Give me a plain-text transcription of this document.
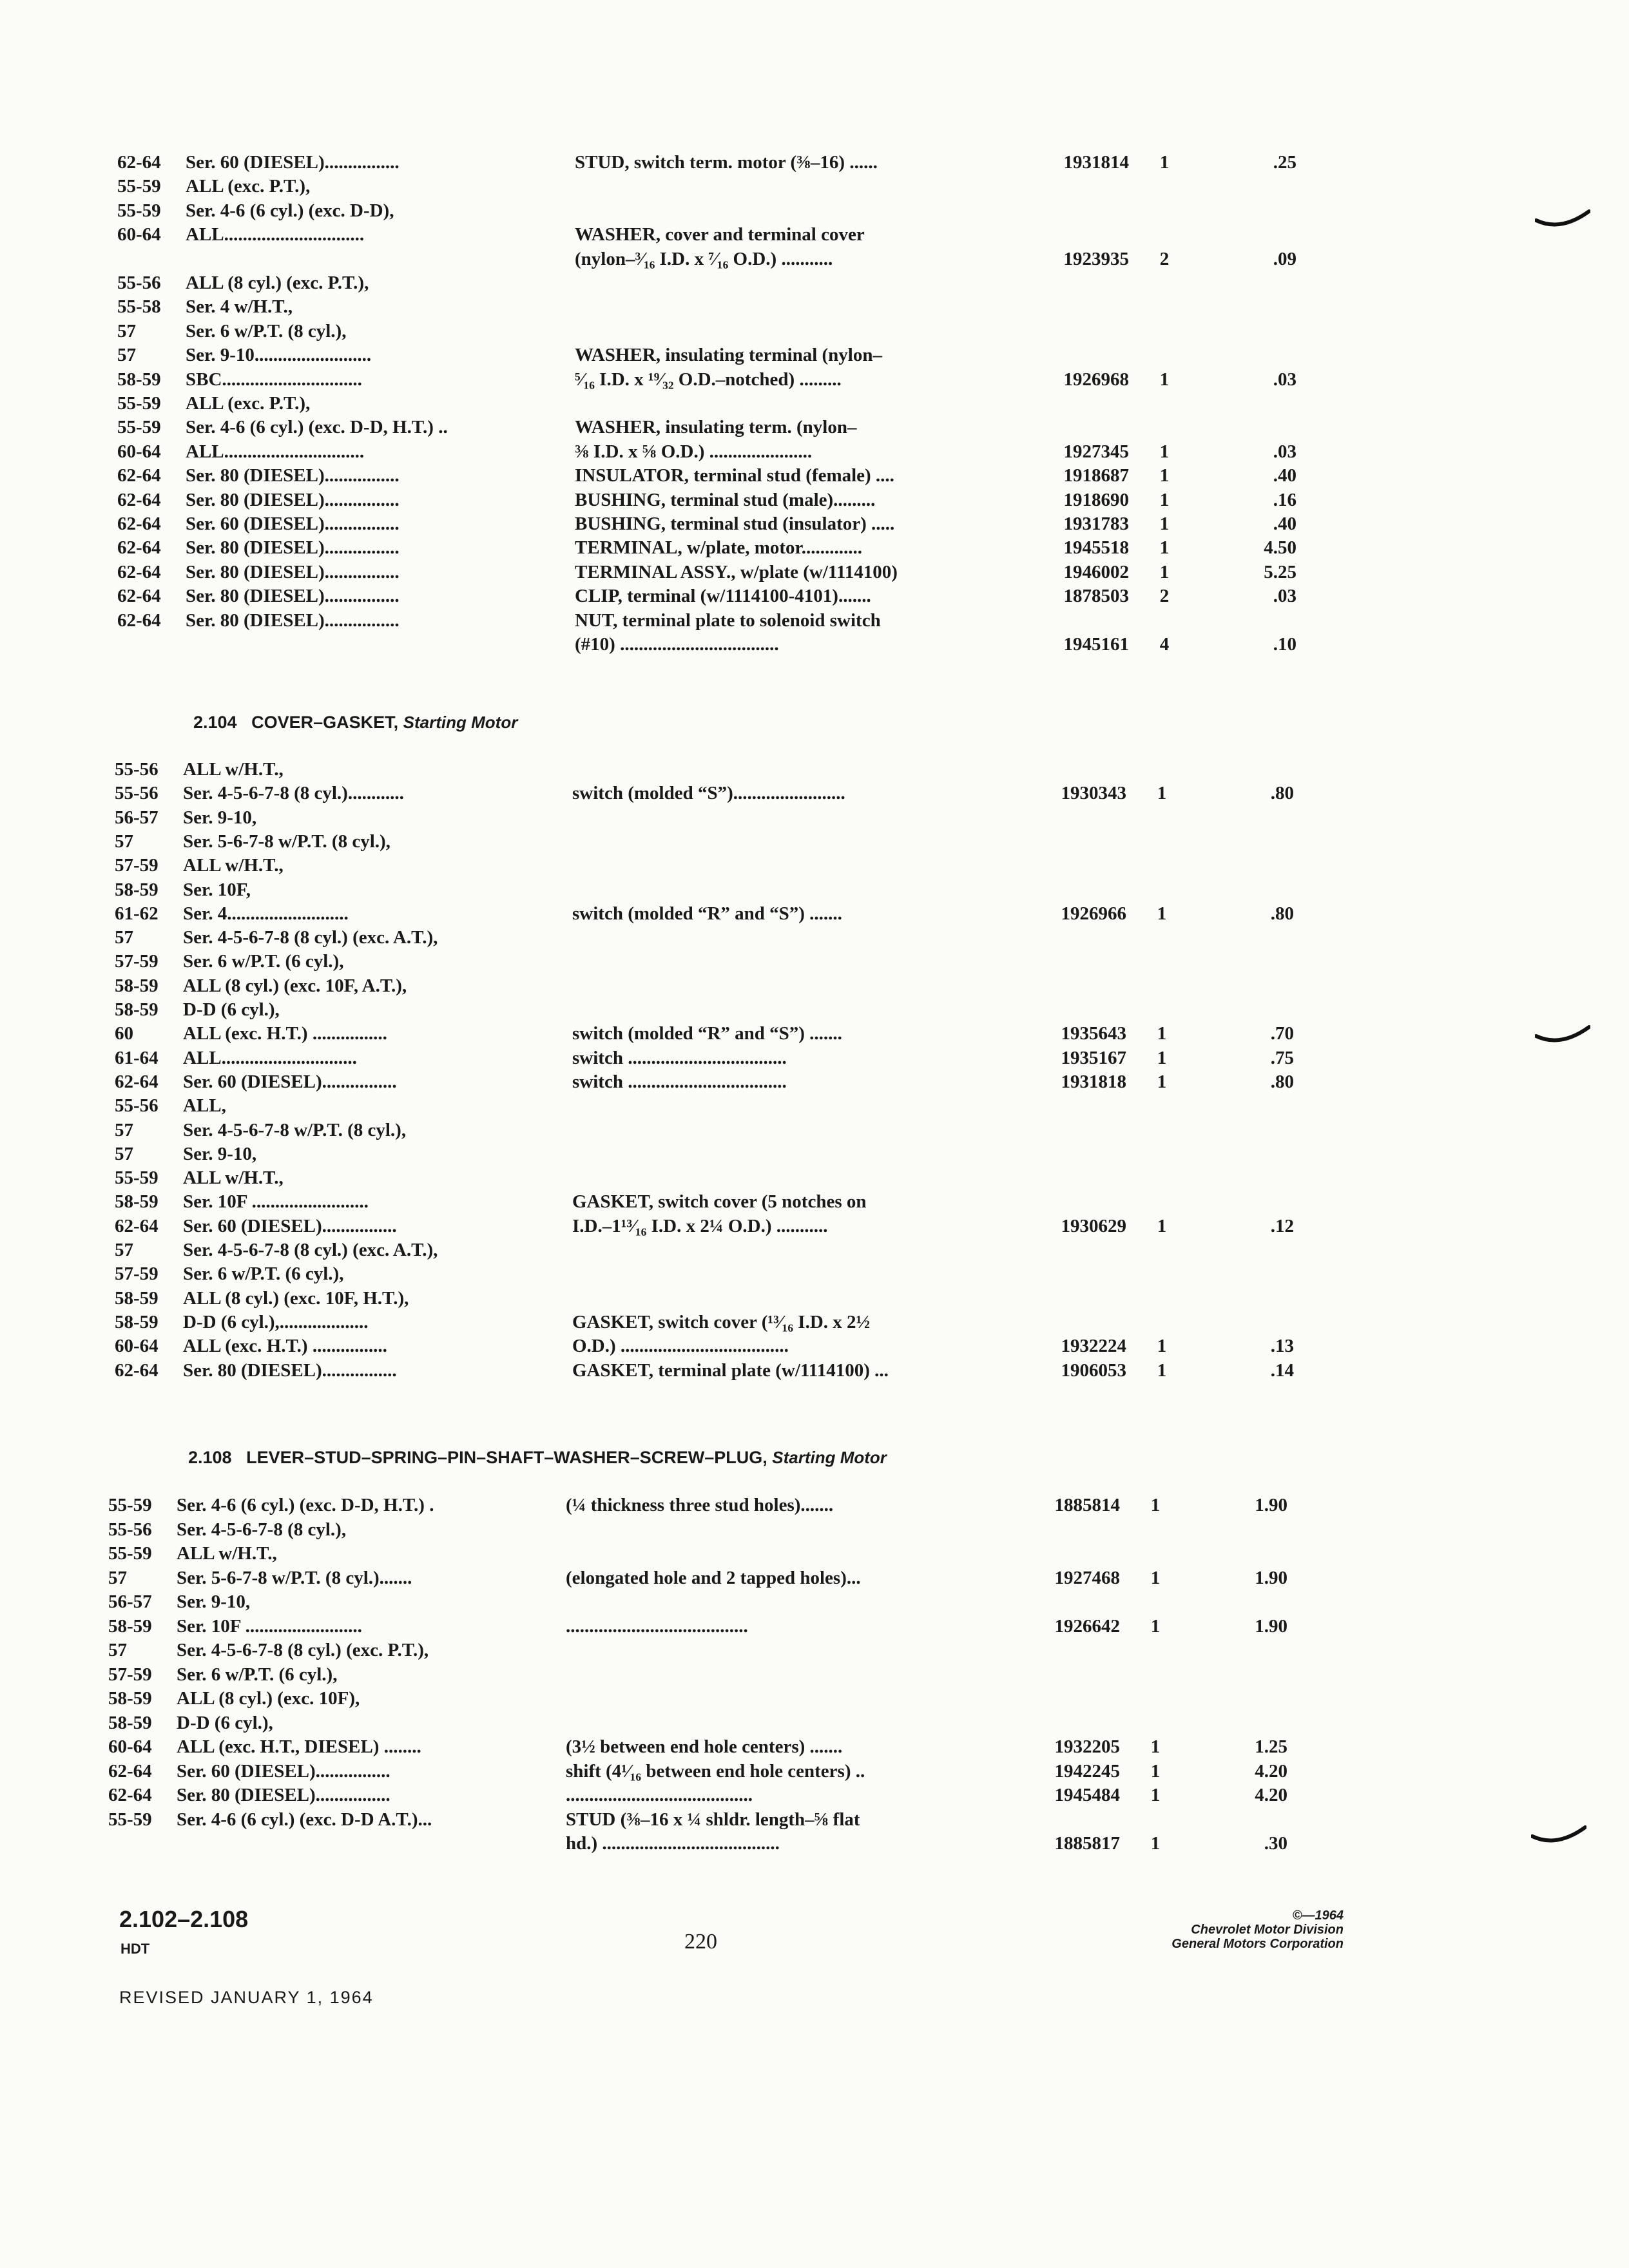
62-64 Ser. 60 (DIESEL)................	STUD, switch term. motor (⅜–16) ......	1931814	1	.25
55-59 ALL (exc. P.T.),
55-59 Ser. 4-6 (6 cyl.) (exc. D-D),
60-64 ALL..............................	WASHER, cover and terminal cover
(nylon–³⁄₁₆ I.D. x ⁷⁄₁₆ O.D.) ...........	1923935	2	.09
55-56 ALL (8 cyl.) (exc. P.T.),
55-58 Ser. 4 w/H.T.,
57	Ser. 6 w/P.T. (8 cyl.),
57	Ser. 9-10.........................	WASHER, insulating terminal (nylon–
58-59 SBC..............................	⁵⁄₁₆ I.D. x ¹⁹⁄₃₂ O.D.–notched) .........	1926968	1	.03
55-59 ALL (exc. P.T.),
55-59 Ser. 4-6 (6 cyl.) (exc. D-D, H.T.) ..	WASHER, insulating term. (nylon–
60-64 ALL..............................	⅜ I.D. x ⅝ O.D.) ......................	1927345	1	.03
62-64 Ser. 80 (DIESEL)................	INSULATOR, terminal stud (female) ....	1918687	1	.40
62-64 Ser. 80 (DIESEL)................	BUSHING, terminal stud (male).........	1918690	1	.16
62-64 Ser. 60 (DIESEL)................	BUSHING, terminal stud (insulator) .....	1931783	1	.40
62-64 Ser. 80 (DIESEL)................	TERMINAL, w/plate, motor.............	1945518	1	4.50
62-64 Ser. 80 (DIESEL)................	TERMINAL ASSY., w/plate (w/1114100)	1946002	1	5.25
62-64 Ser. 80 (DIESEL)................	CLIP, terminal (w/1114100-4101).......	1878503	2	.03
62-64 Ser. 80 (DIESEL)................	NUT, terminal plate to solenoid switch
(#10) ..................................	1945161	4	.10
2.104 COVER–GASKET, Starting Motor
55-56 ALL w/H.T.,
55-56 Ser. 4-5-6-7-8 (8 cyl.)............	switch (molded “S”)........................	1930343	1	.80
56-57 Ser. 9-10,
57	Ser. 5-6-7-8 w/P.T. (8 cyl.),
57-59 ALL w/H.T.,
58-59 Ser. 10F,
61-62 Ser. 4..........................	switch (molded “R” and “S”) .......	1926966	1	.80
57	Ser. 4-5-6-7-8 (8 cyl.) (exc. A.T.),
57-59 Ser. 6 w/P.T. (6 cyl.),
58-59 ALL (8 cyl.) (exc. 10F, A.T.),
58-59 D-D (6 cyl.),
60	ALL (exc. H.T.) ................	switch (molded “R” and “S”) .......	1935643	1	.70
61-64 ALL.............................	switch ..................................	1935167	1	.75
62-64 Ser. 60 (DIESEL)................	switch ..................................	1931818	1	.80
55-56 ALL,
57	Ser. 4-5-6-7-8 w/P.T. (8 cyl.),
57	Ser. 9-10,
55-59 ALL w/H.T.,
58-59 Ser. 10F .........................	GASKET, switch cover (5 notches on
62-64 Ser. 60 (DIESEL)................	I.D.–1¹³⁄₁₆ I.D. x 2¼ O.D.) ...........	1930629	1	.12
57	Ser. 4-5-6-7-8 (8 cyl.) (exc. A.T.),
57-59 Ser. 6 w/P.T. (6 cyl.),
58-59 ALL (8 cyl.) (exc. 10F, H.T.),
58-59 D-D (6 cyl.),...................	GASKET, switch cover (¹³⁄₁₆ I.D. x 2½
60-64 ALL (exc. H.T.) ................	O.D.) ....................................	1932224	1	.13
62-64 Ser. 80 (DIESEL)................	GASKET, terminal plate (w/1114100) ...	1906053	1	.14
2.108 LEVER–STUD–SPRING–PIN–SHAFT–WASHER–SCREW–PLUG, Starting Motor
55-59 Ser. 4-6 (6 cyl.) (exc. D-D, H.T.) .	(¼ thickness three stud holes).......	1885814	1	1.90
55-56 Ser. 4-5-6-7-8 (8 cyl.),
55-59 ALL w/H.T.,
57	Ser. 5-6-7-8 w/P.T. (8 cyl.).......	(elongated hole and 2 tapped holes)...	1927468	1	1.90
56-57 Ser. 9-10,
58-59 Ser. 10F .........................	.......................................	1926642	1	1.90
57	Ser. 4-5-6-7-8 (8 cyl.) (exc. P.T.),
57-59 Ser. 6 w/P.T. (6 cyl.),
58-59 ALL (8 cyl.) (exc. 10F),
58-59 D-D (6 cyl.),
60-64 ALL (exc. H.T., DIESEL) ........	(3½ between end hole centers) .......	1932205	1	1.25
62-64 Ser. 60 (DIESEL)................	shift (4¹⁄₁₆ between end hole centers) ..	1942245	1	4.20
62-64 Ser. 80 (DIESEL)................	........................................	1945484	1	4.20
55-59 Ser. 4-6 (6 cyl.) (exc. D-D A.T.)...	STUD (⅜–16 x ¼ shldr. length–⅝ flat
hd.) ......................................	1885817	1	.30
2.102–2.108
HDT	220
REVISED JANUARY 1, 1964
©—1964
Chevrolet Motor Division
General Motors Corporation
